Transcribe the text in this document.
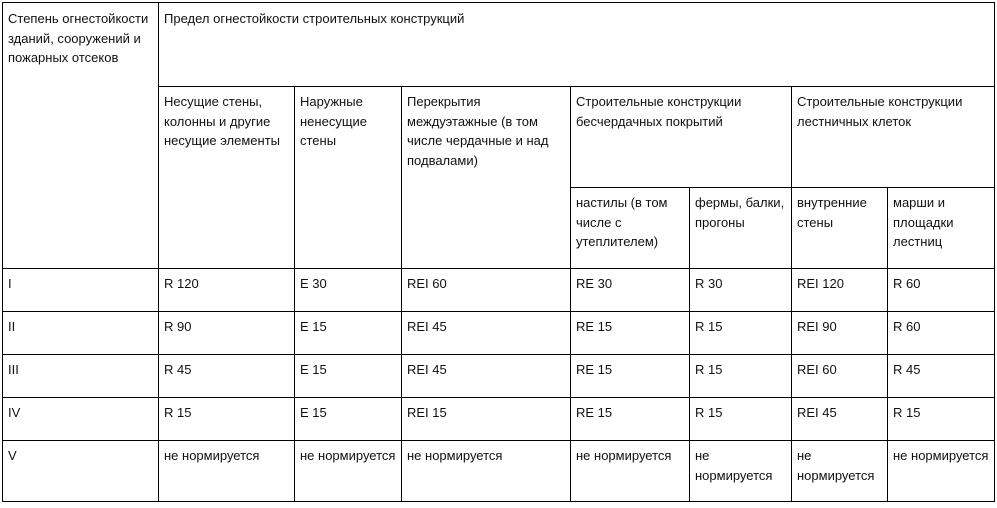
Степень огнестойкости зданий, сооружений и пожарных отсеков	Предел огнестойкости строительных конструкций						
	Несущие стены, колонны и другие несущие элементы	Наружные ненесущие стены	Перекрытия междуэтажные (в том числе чердачные и над подвалами)	Строительные конструкции бесчердачных покрытий		Строительные конструкции лестничных клеток	
				настилы (в том числе с утеплителем)	фермы, балки, прогоны	внутренние стены	марши и площадки лестниц
I	R 120	E 30	REI 60	RE 30	R 30	REI 120	R 60
II	R 90	E 15	REI 45	RE 15	R 15	REI 90	R 60
III	R 45	E 15	REI 45	RE 15	R 15	REI 60	R 45
IV	R 15	E 15	REI 15	RE 15	R 15	REI 45	R 15
V	не нормируется	не нормируется	не нормируется	не нормируется	не нормируется	не нормируется	не нормируется
